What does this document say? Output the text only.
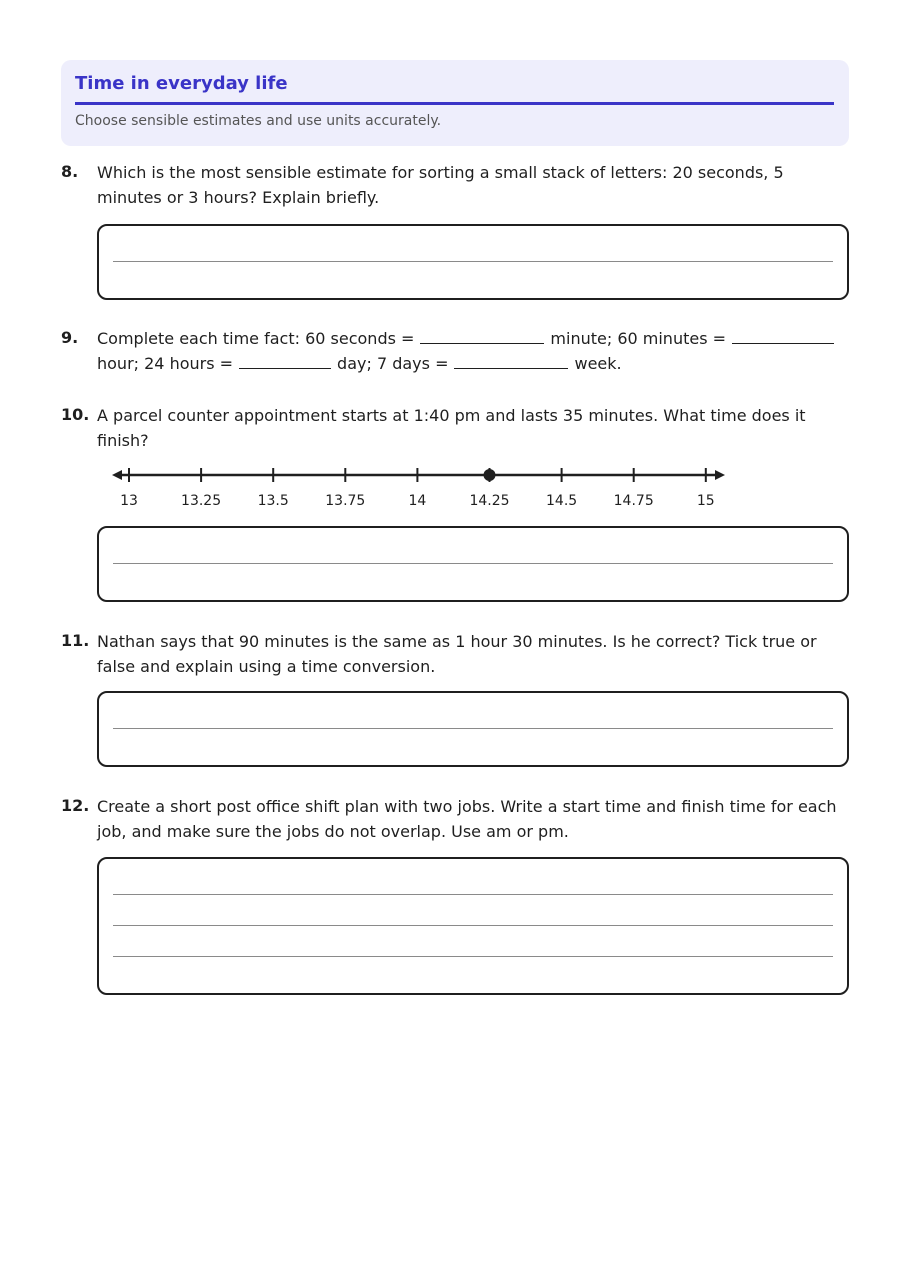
Time in everyday life
Choose sensible estimates and use units accurately.
8. Which is the most sensible estimate for sorting a small stack of letters: 20 seconds, 5 minutes or 3 hours? Explain briefly.
9. Complete each time fact: 60 seconds =	minute; 60 minutes =
hour; 24 hours =	day; 7 days =	week.
10. A parcel counter appointment starts at 1:40 pm and lasts 35 minutes. What time does it finish?
13	13.25	13.5	13.75	14	14.25	14.5	14.75	15
11. Nathan says that 90 minutes is the same as 1 hour 30 minutes. Is he correct? Tick true or false and explain using a time conversion.
12. Create a short post office shift plan with two jobs. Write a start time and finish time for each job, and make sure the jobs do not overlap. Use am or pm.
